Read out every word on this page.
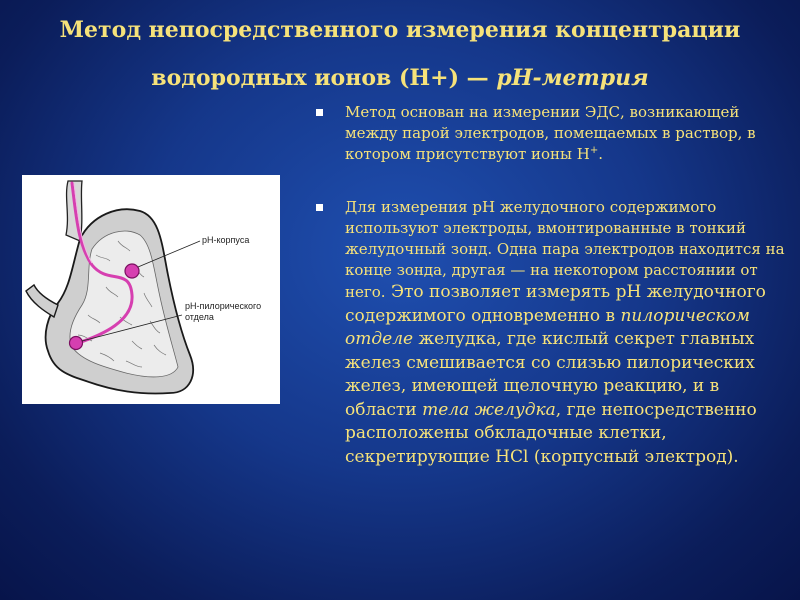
Метод непосредственного измерения концентрации
водородных ионов (Н+) — рН-метрия
рН-корпуса
рН-пилорического
отдела
Метод основан на измерении ЭДС, возникающей между парой электродов, помещаемых в раствор, в котором присутствуют ионы Н+.
Для измерения рН желудочного содержимого используют электроды, вмонтированные в тонкий желудочный зонд. Одна пара электродов находится на конце зонда, другая — на некотором расстоянии от него. Это позволяет измерять рН желудочного содержимого одновременно в пилорическом отделе желудка, где кислый секрет главных желез смешивается со слизью пилорических желез, имеющей щелочную реакцию, и в области тела желудка, где непосредственно расположены обкладочные клетки, секретирующие НCl (корпусный электрод).
